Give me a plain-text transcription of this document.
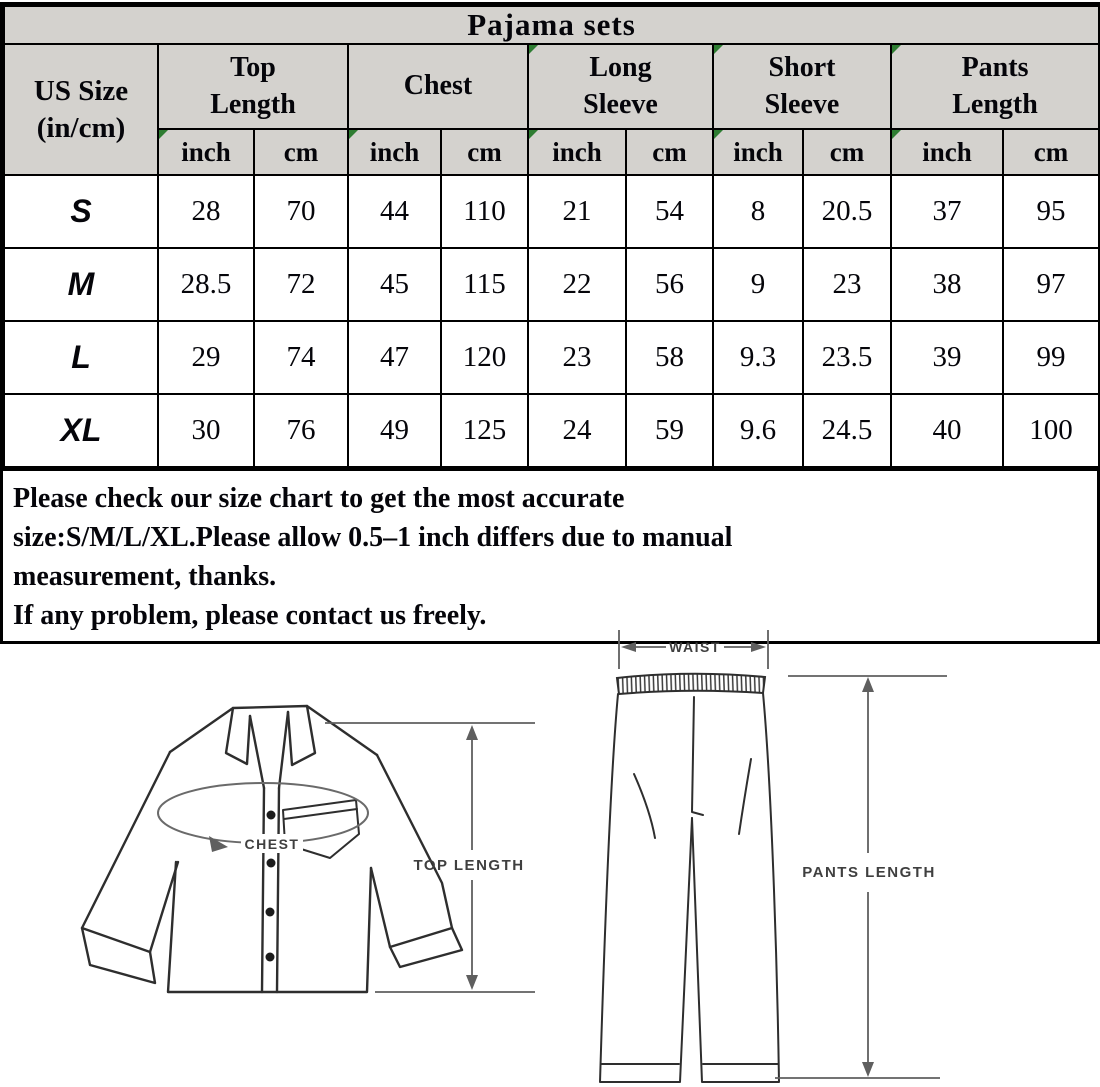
Pajama sets										

US Size
(in/cm)

Top
Length

Chest

Long
Sleeve

Short
Sleeve

Pants
Length

	inch	cm	inch	cm	inch	cm	inch	cm	inch	cm
S	28	70	44	110	21	54	8	20.5	37	95
M	28.5	72	45	115	22	56	9	23	38	97
L	29	74	47	120	23	58	9.3	23.5	39	99
XL	30	76	49	125	24	59	9.6	24.5	40	100
Please check our size chart to get the most accurate
size:S/M/L/XL.Please allow 0.5–1 inch differs due to manual
measurement, thanks.
If any problem, please contact us freely.
CHEST
TOP LENGTH
WAIST
PANTS LENGTH
